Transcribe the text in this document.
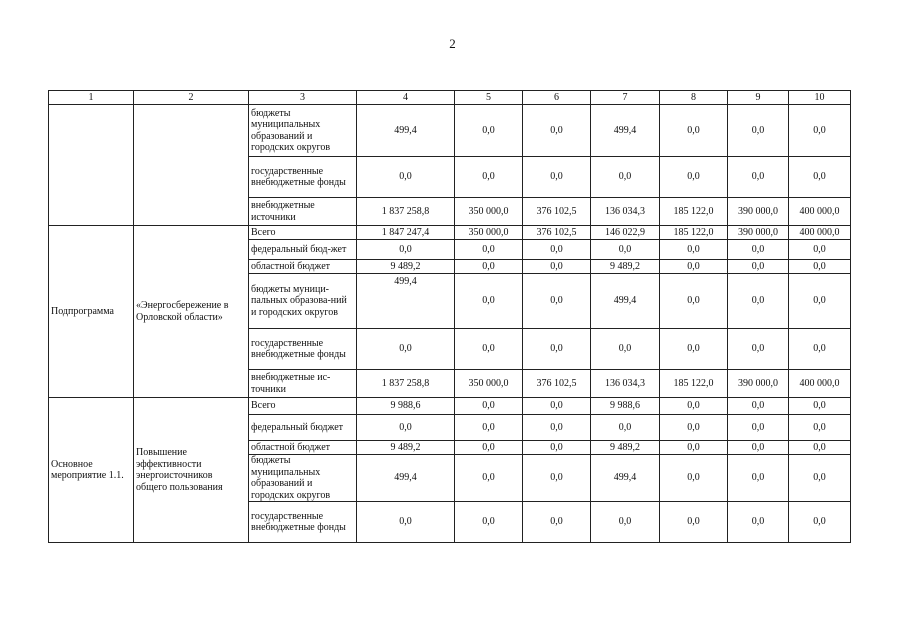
2
1	2	3	4	5	6	7	8	9	10
		бюджеты муниципальных образований и городских округов	499,4	0,0	0,0	499,4	0,0	0,0	0,0
		государственные внебюджетные фонды	0,0	0,0	0,0	0,0	0,0	0,0	0,0
		внебюджетные источники	1 837 258,8	350 000,0	376 102,5	136 034,3	185 122,0	390 000,0	400 000,0
Подпрограмма	«Энергосбережение в Орловской области»	Всего	1 847 247,4	350 000,0	376 102,5	146 022,9	185 122,0	390 000,0	400 000,0
		федеральный бюд-жет	0,0	0,0	0,0	0,0	0,0	0,0	0,0
		областной бюджет	9 489,2	0,0	0,0	9 489,2	0,0	0,0	0,0
		бюджеты муници-пальных образова-ний и городских округов	499,4	0,0	0,0	499,4	0,0	0,0	0,0
		государственные внебюджетные фонды	0,0	0,0	0,0	0,0	0,0	0,0	0,0
		внебюджетные ис-точники	1 837 258,8	350 000,0	376 102,5	136 034,3	185 122,0	390 000,0	400 000,0
Основное мероприятие 1.1.	Повышение эффективности энергоисточников общего пользования	Всего	9 988,6	0,0	0,0	9 988,6	0,0	0,0	0,0
		федеральный бюджет	0,0	0,0	0,0	0,0	0,0	0,0	0,0
		областной бюджет	9 489,2	0,0	0,0	9 489,2	0,0	0,0	0,0
		бюджеты муниципальных образований и городских округов	499,4	0,0	0,0	499,4	0,0	0,0	0,0
		государственные внебюджетные фонды	0,0	0,0	0,0	0,0	0,0	0,0	0,0
